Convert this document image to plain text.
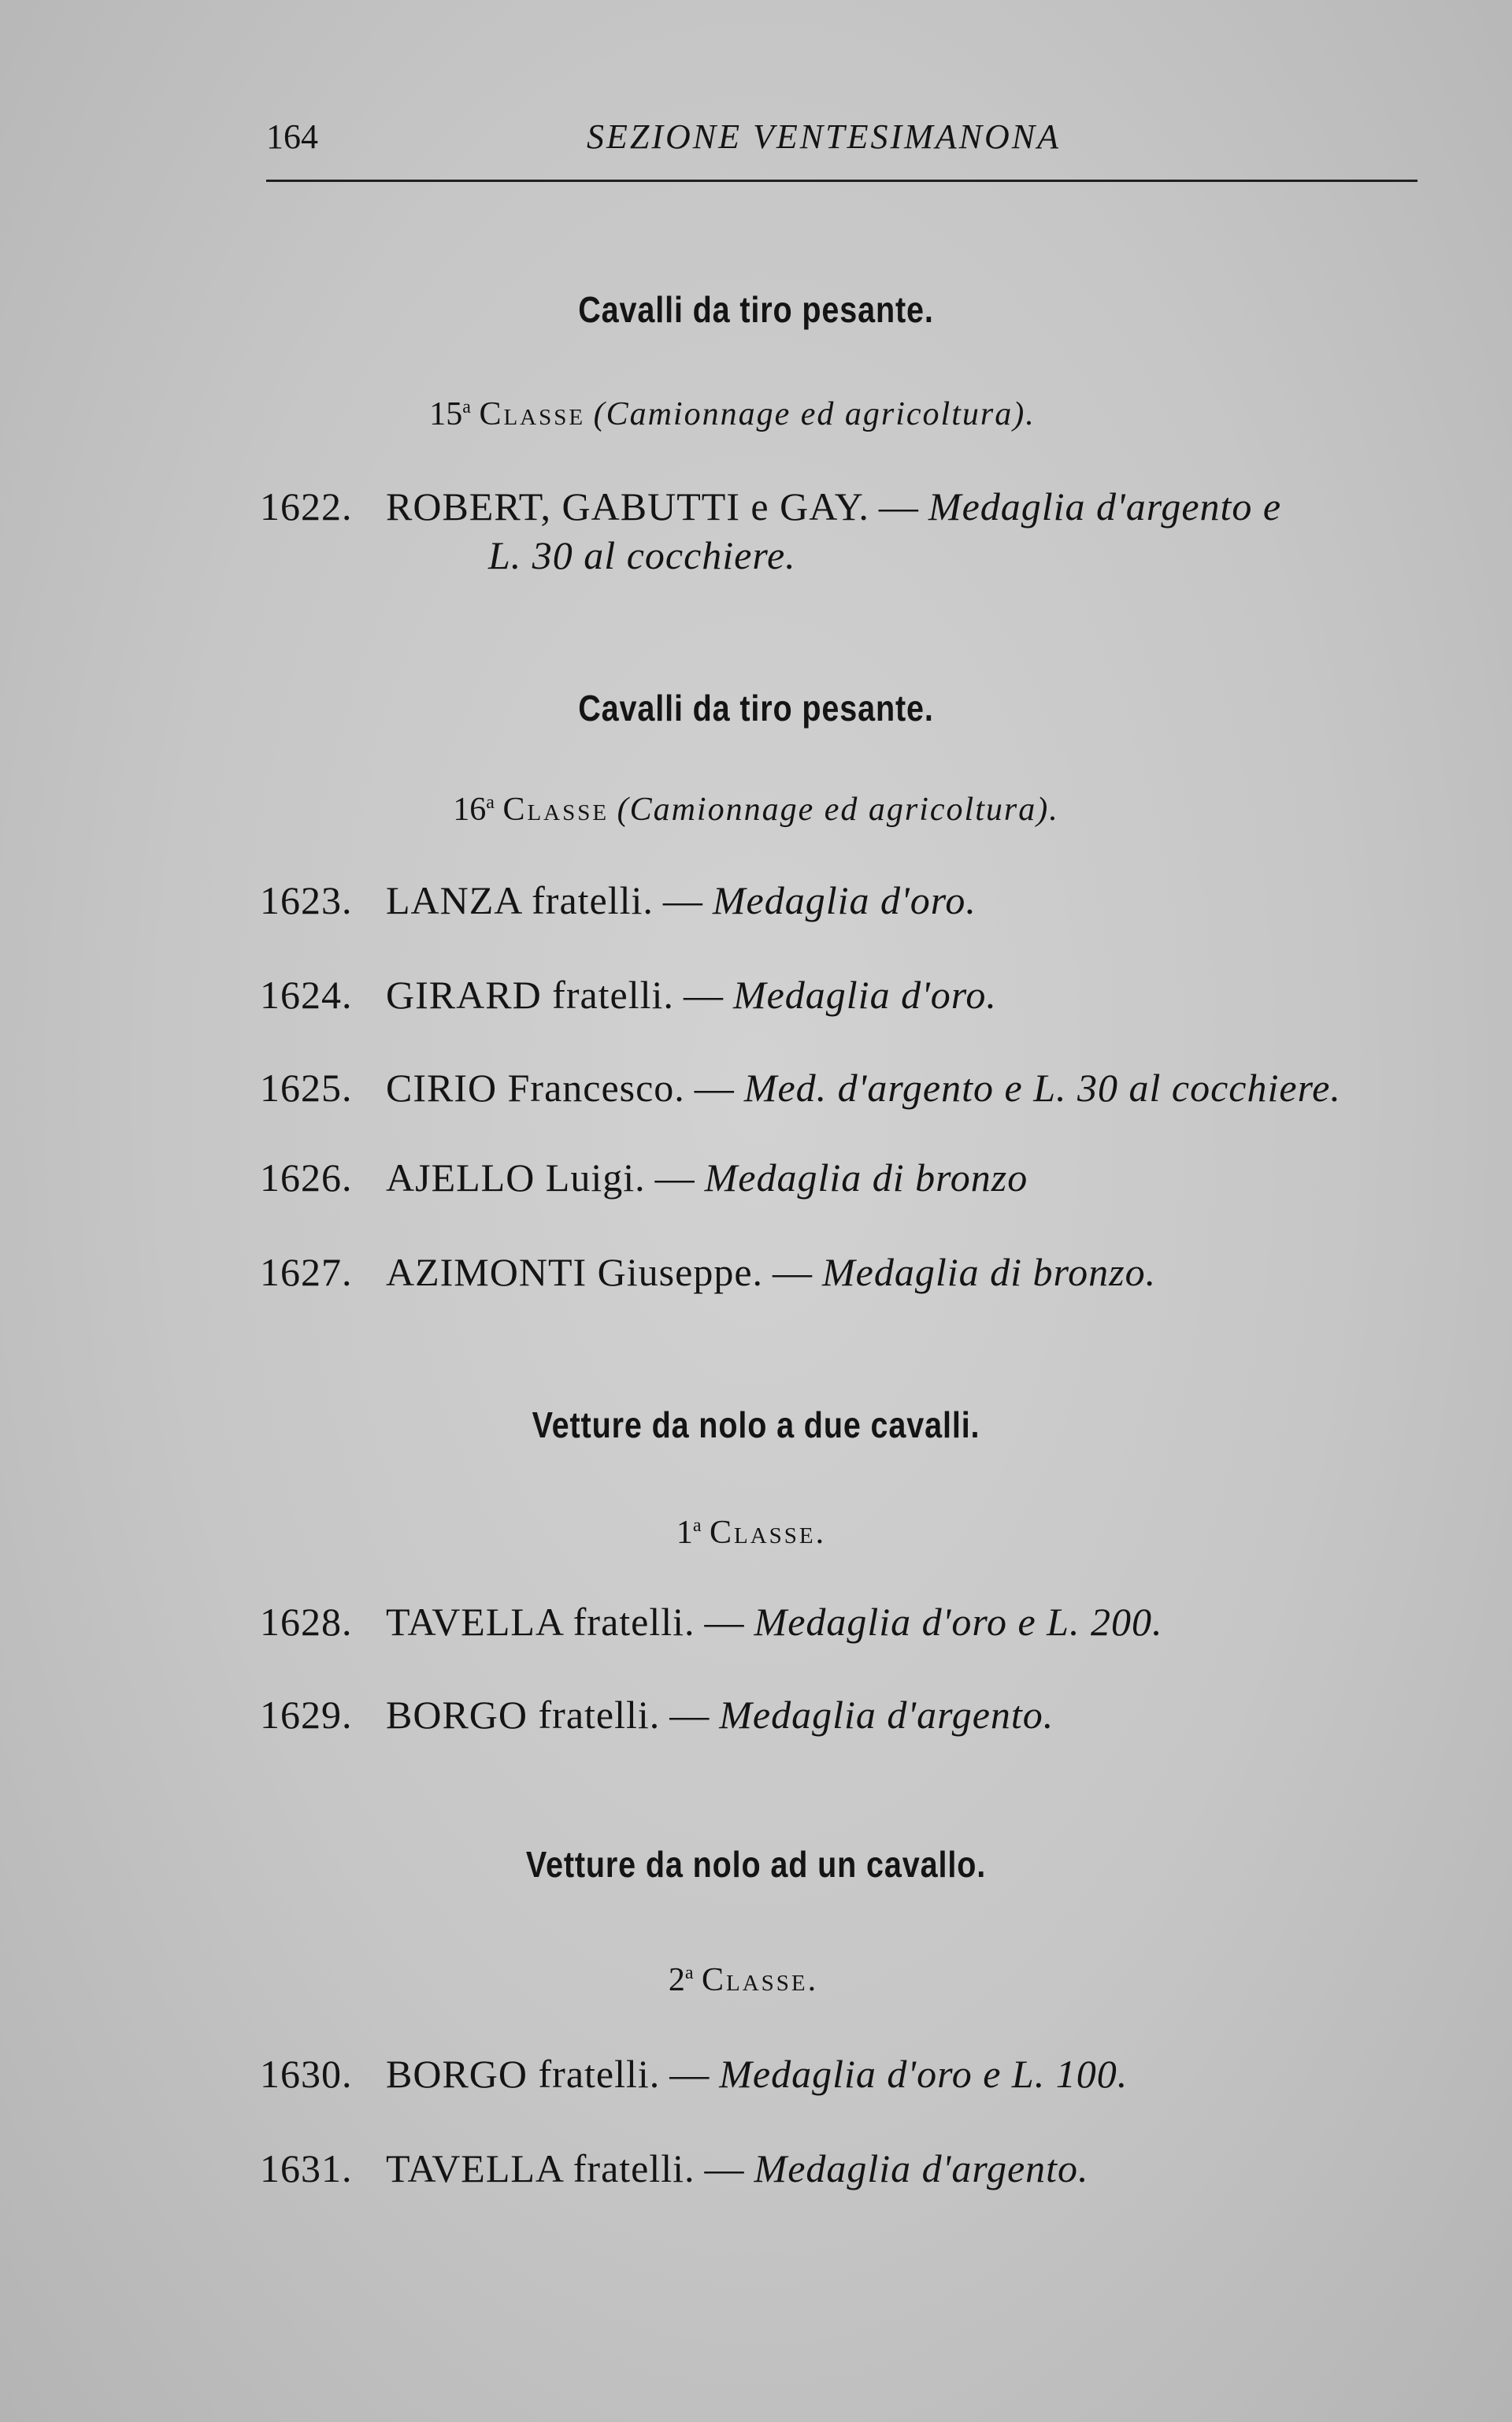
164	SEZIONE VENTESIMANONA
Cavalli da tiro pesante.
15$^a$ Classe (Camionnage ed agricoltura).
1622. ROBERT, GABUTTI e GAY. — Medaglia d'argento e
L. 30 al cocchiere.
Cavalli da tiro pesante.
16$^a$ Classe (Camionnage ed agricoltura).
1623. LANZA fratelli. — Medaglia d'oro.
1624. GIRARD fratelli. — Medaglia d'oro.
1625. CIRIO Francesco. — Med. d'argento e L. 30 al cocchiere.
1626. AJELLO Luigi. — Medaglia di bronzo
1627. AZIMONTI Giuseppe. — Medaglia di bronzo.
Vetture da nolo a due cavalli.
1$^a$ Classe.
1628. TAVELLA fratelli. — Medaglia d'oro e L. 200.
1629. BORGO fratelli. — Medaglia d'argento.
Vetture da nolo ad un cavallo.
2$^a$ Classe.
1630. BORGO fratelli. — Medaglia d'oro e L. 100.
1631. TAVELLA fratelli. — Medaglia d'argento.
